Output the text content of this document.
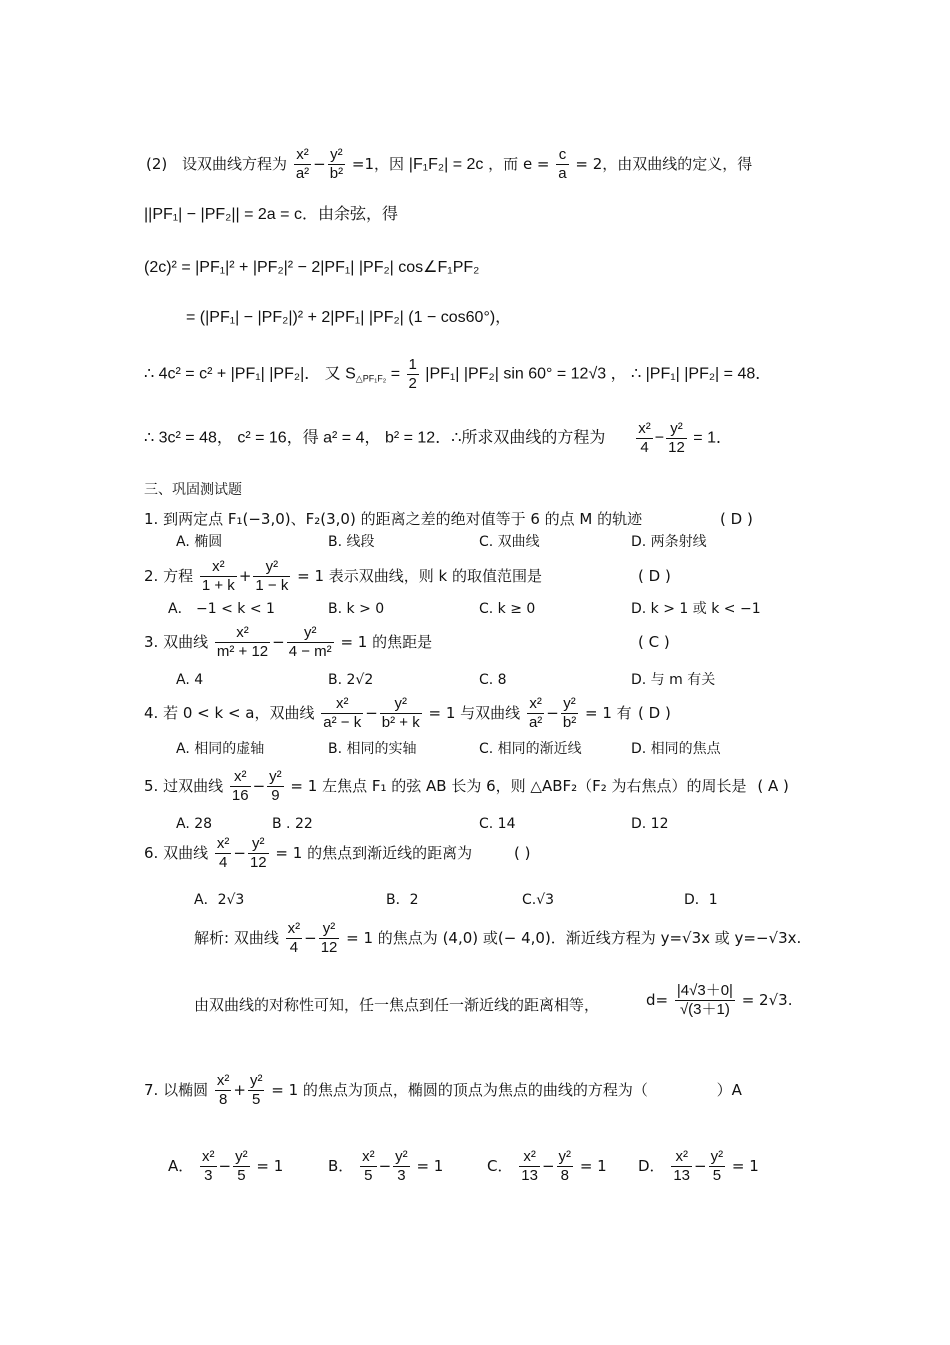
(2) 设双曲线方程为 $\frac{\text{x²}}{\text{a²}} - \frac{\text{y²}}{\text{b²}} =1$，因 |F₁F₂| = 2c ，而 $e = \frac{c}{a} = 2$，由双曲线的定义，得
||PF₁| − |PF₂|| = 2a = c．由余弦，得
(2c)² = |PF₁|² + |PF₂|² − 2|PF₁| |PF₂| cos∠F₁PF₂
= (|PF₁| − |PF₂|)² + 2|PF₁| |PF₂| (1 − cos60°)，
∴ 4c² = c² + |PF₁| |PF₂|． 又 $S_{\triangle PF_1F_2} = \frac{1}{2} |PF_1|$ |PF₂| sin 60° = 12√3 ， ∴ |PF₁| |PF₂| = 48．
∴ 3c² = 48， c² = 16，得 a² = 4， b² = 12．∴所求双曲线的方程为 $\frac{\text{x²}}{4} - \frac{\text{y²}}{12} = 1$．
三、巩固测试题
1. 到两定点 F₁(−3,0)、F₂(3,0) 的距离之差的绝对值等于 6 的点 M 的轨迹	( D )
A. 椭圆	B. 线段	C. 双曲线	D. 两条射线
2. 方程 $\frac{\text{x²}}{1 + k} + \frac{\text{y²}}{1 - k} = 1$ 表示双曲线，则 k 的取值范围是	( D )
A． −1 < k < 1	B. k > 0	C. k ≥ 0	D. k > 1 或 k < −1
3. 双曲线 $\frac{\text{x²}}{\text{m² + 12}} - \frac{\text{y²}}{\text{4 − m²}} = 1$ 的焦距是	( C )
A. 4	B. 2√2	C. 8	D. 与 m 有关
4. 若 0 < k < a，双曲线 $\frac{\text{x²}}{\text{a² − k}} - \frac{\text{y²}}{\text{b² + k}} = 1$ 与双曲线 $\frac{\text{x²}}{\text{a²}} - \frac{\text{y²}}{\text{b²}} = 1$ 有 ( D )
A. 相同的虚轴	B. 相同的实轴	C. 相同的渐近线	D. 相同的焦点
5. 过双曲线 $\frac{\text{x²}}{16} - \frac{\text{y²}}{9} = 1$ 左焦点 F₁ 的弦 AB 长为 6，则 △ABF₂（F₂ 为右焦点）的周长是 ( A )
A. 28	B . 22	C. 14	D. 12
6. 双曲线 $\frac{\text{x²}}{4} - \frac{\text{y²}}{12} = 1$ 的焦点到渐近线的距离为	( )
A．2√3	B．2	C.√3	D．1
解析: 双曲线 $\frac{\text{x²}}{4} - \frac{\text{y²}}{12} = 1$ 的焦点为 (4,0) 或(− 4,0)．渐近线方程为 y=√3x 或 y=−√3x.
由双曲线的对称性可知，任一焦点到任一渐近线的距离相等，	$d= \frac{|4√3+0|}{√(3+1)} = 2√3$.
7. 以椭圆 $\frac{\text{x²}}{8} + \frac{\text{y²}}{5} = 1$ 的焦点为顶点，椭圆的顶点为焦点的曲线的方程为（	）A
A． $\frac{\text{x²}}{3} - \frac{\text{y²}}{5} = 1$	B． $\frac{\text{x²}}{5} - \frac{\text{y²}}{3} = 1$	C． $\frac{\text{x²}}{13} - \frac{\text{y²}}{8} = 1$ D． $\frac{\text{x²}}{13} - \frac{\text{y²}}{5} = 1$
